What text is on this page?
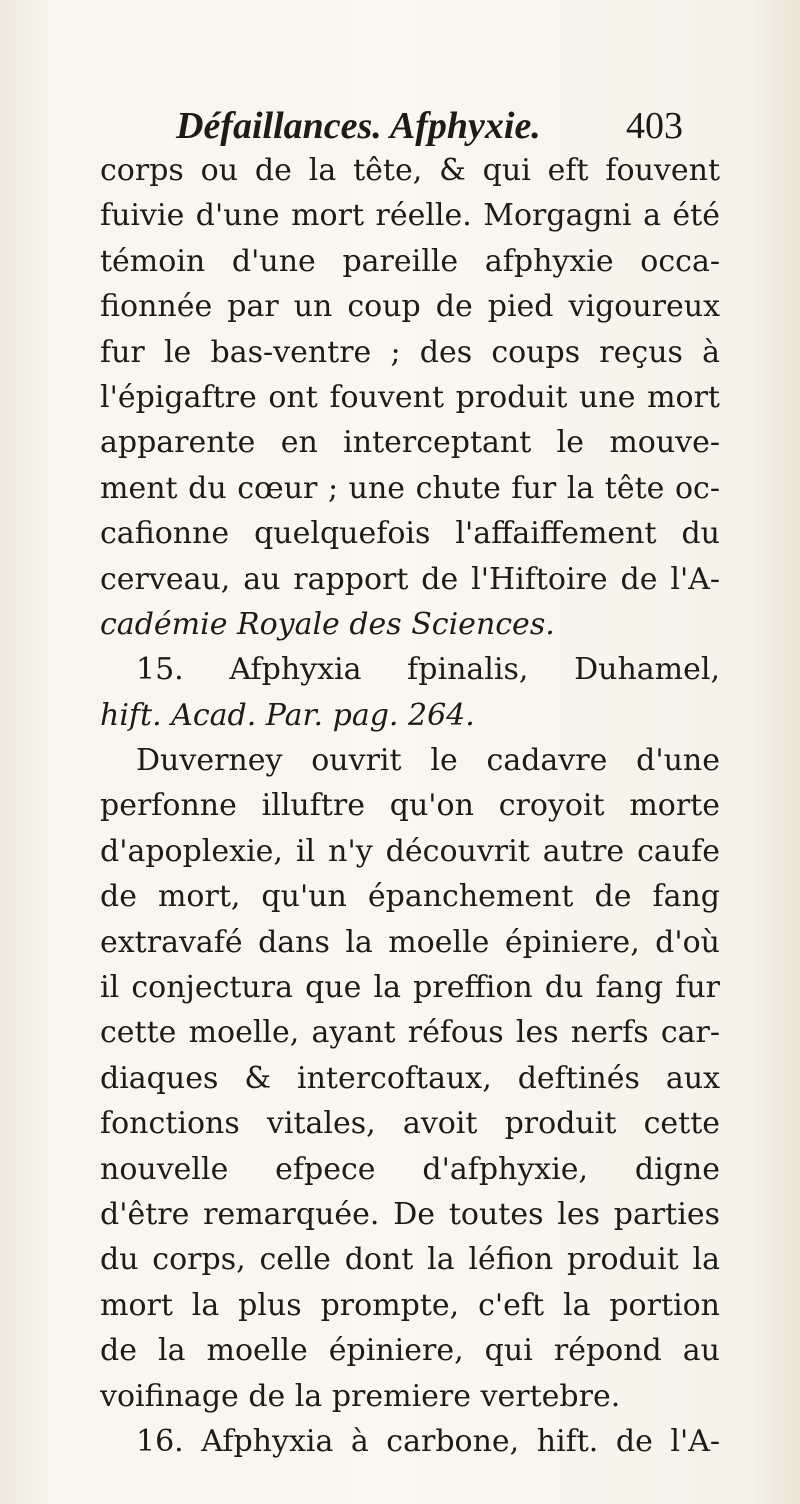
Défaillances. Afphyxie. 403
corps ou de la tête, & qui eft fouvent
fuivie d'une mort réelle. Morgagni a été
témoin d'une pareille afphyxie occa-
fionnée par un coup de pied vigoureux
fur le bas-ventre ; des coups reçus à
l'épigaftre ont fouvent produit une mort
apparente en interceptant le mouve-
ment du cœur ; une chute fur la tête oc-
cafionne quelquefois l'affaiffement du
cerveau, au rapport de l'Hiftoire de l'A-
cadémie Royale des Sciences.
15. Afphyxia fpinalis, Duhamel,
hift. Acad. Par. pag. 264.
Duverney ouvrit le cadavre d'une
perfonne illuftre qu'on croyoit morte
d'apoplexie, il n'y découvrit autre caufe
de mort, qu'un épanchement de fang
extravafé dans la moelle épiniere, d'où
il conjectura que la preffion du fang fur
cette moelle, ayant réfous les nerfs car-
diaques & intercoftaux, deftinés aux
fonctions vitales, avoit produit cette
nouvelle efpece d'afphyxie, digne
d'être remarquée. De toutes les parties
du corps, celle dont la léfion produit la
mort la plus prompte, c'eft la portion
de la moelle épiniere, qui répond au
voifinage de la premiere vertebre.
16. Afphyxia à carbone, hift. de l'A-
